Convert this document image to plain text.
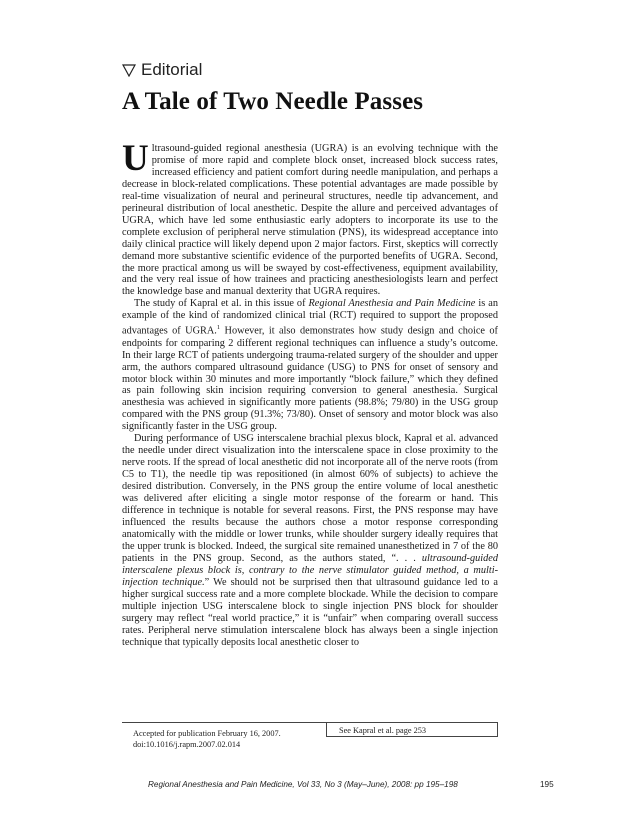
Editorial
A Tale of Two Needle Passes

Ultrasound-guided regional anesthesia (UGRA) is an evolving technique with the promise of more rapid and complete block onset, increased block success rates, increased efficiency and patient comfort during needle manipulation, and perhaps a decrease in block-related complications. These potential advantages are made possible by real-time visualization of neural and perineural structures, needle tip advancement, and perineural distribution of local anesthetic. Despite the allure and perceived advantages of UGRA, which have led some enthusiastic early adopters to incorporate its use to the complete exclusion of peripheral nerve stimulation (PNS), its widespread acceptance into daily clinical practice will likely depend upon 2 major factors. First, skeptics will correctly demand more substantive scientific evidence of the purported benefits of UGRA. Second, the more practical among us will be swayed by cost-effectiveness, equipment availability, and the very real issue of how trainees and practicing anesthesiologists learn and perfect the knowledge base and manual dexterity that UGRA requires.

The study of Kapral et al. in this issue of Regional Anesthesia and Pain Medicine is an example of the kind of randomized clinical trial (RCT) required to support the proposed advantages of UGRA.$^1$ However, it also demonstrates how study design and choice of endpoints for comparing 2 different regional techniques can influence a study’s outcome. In their large RCT of patients undergoing trauma-related surgery of the shoulder and upper arm, the authors compared ultrasound guidance (USG) to PNS for onset of sensory and motor block within 30 minutes and more importantly “block failure,” which they defined as pain following skin incision requiring conversion to general anesthesia. Surgical anesthesia was achieved in significantly more patients (98.8%; 79/80) in the USG group compared with the PNS group (91.3%; 73/80). Onset of sensory and motor block was also significantly faster in the USG group.

During performance of USG interscalene brachial plexus block, Kapral et al. advanced the needle under direct visualization into the interscalene space in close proximity to the nerve roots. If the spread of local anesthetic did not incorporate all of the nerve roots (from C5 to T1), the needle tip was repositioned (in almost 60% of subjects) to achieve the desired distribution. Conversely, in the PNS group the entire volume of local anesthetic was delivered after eliciting a single motor response of the forearm or hand. This difference in technique is notable for several reasons. First, the PNS response may have influenced the results because the authors chose a motor response corresponding anatomically with the middle or lower trunks, while shoulder surgery ideally requires that the upper trunk is blocked. Indeed, the surgical site remained unanesthetized in 7 of the 80 patients in the PNS group. Second, as the authors stated, “. . . ultrasound-guided interscalene plexus block is, contrary to the nerve stimulator guided method, a multi-injection technique.” We should not be surprised then that ultrasound guidance led to a higher surgical success rate and a more complete blockade. While the decision to compare multiple injection USG interscalene block to single injection PNS block for shoulder surgery may reflect “real world practice,” it is “unfair” when comparing overall success rates. Peripheral nerve stimulation interscalene block has always been a single injection technique that typically deposits local anesthetic closer to

Accepted for publication February 16, 2007.
doi:10.1016/j.rapm.2007.02.014
See Kapral et al. page 253
Regional Anesthesia and Pain Medicine, Vol 33, No 3 (May–June), 2008: pp 195–198	195
